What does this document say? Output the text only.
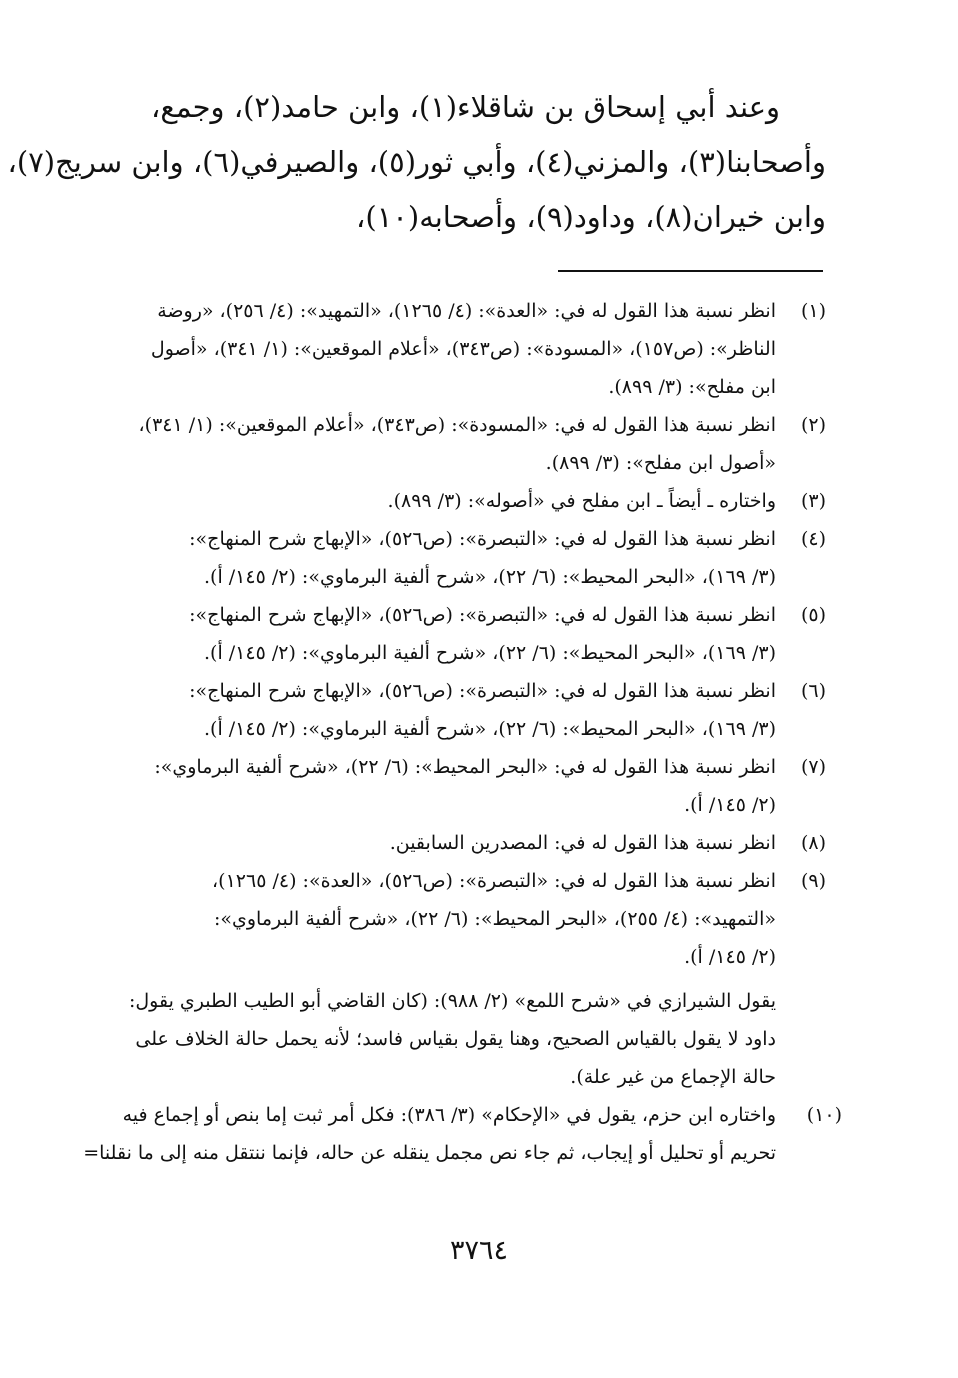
وعند أبي إسحاق بن شاقلاء(١)، وابن حامد(٢)، وجمع،
وأصحابنا(٣)، والمزني(٤)، وأبي ثور(٥)، والصيرفي(٦)، وابن سريج(٧)،
وابن خيران(٨)، وداود(٩)، وأصحابه(١٠)،

(١)
انظر نسبة هذا القول له في: «العدة»: (٤/ ١٢٦٥)، «التمهيد»: (٤/ ٢٥٦)، «روضة
الناظر»: (ص١٥٧)، «المسودة»: (ص٣٤٣)، «أعلام الموقعين»: (١/ ٣٤١)، «أصول
ابن مفلح»: (٣/ ٨٩٩).
(٢)
انظر نسبة هذا القول له في: «المسودة»: (ص٣٤٣)، «أعلام الموقعين»: (١/ ٣٤١)،
«أصول ابن مفلح»: (٣/ ٨٩٩).
(٣)
واختاره ـ أيضاً ـ ابن مفلح في «أصوله»: (٣/ ٨٩٩).
(٤)
انظر نسبة هذا القول له في: «التبصرة»: (ص٥٢٦)، «الإبهاج شرح المنهاج»:
(٣/ ١٦٩)، «البحر المحيط»: (٦/ ٢٢)، «شرح ألفية البرماوي»: (٢/ ١٤٥/ أ).
(٥)
انظر نسبة هذا القول له في: «التبصرة»: (ص٥٢٦)، «الإبهاج شرح المنهاج»:
(٣/ ١٦٩)، «البحر المحيط»: (٦/ ٢٢)، «شرح ألفية البرماوي»: (٢/ ١٤٥/ أ).
(٦)
انظر نسبة هذا القول له في: «التبصرة»: (ص٥٢٦)، «الإبهاج شرح المنهاج»:
(٣/ ١٦٩)، «البحر المحيط»: (٦/ ٢٢)، «شرح ألفية البرماوي»: (٢/ ١٤٥/ أ).
(٧)
انظر نسبة هذا القول له في: «البحر المحيط»: (٦/ ٢٢)، «شرح ألفية البرماوي»:
(٢/ ١٤٥/ أ).
(٨)
انظر نسبة هذا القول له في: المصدرين السابقين.
(٩)
انظر نسبة هذا القول له في: «التبصرة»: (ص٥٢٦)، «العدة»: (٤/ ١٢٦٥)،
«التمهيد»: (٤/ ٢٥٥)، «البحر المحيط»: (٦/ ٢٢)، «شرح ألفية البرماوي»:
(٢/ ١٤٥/ أ).
يقول الشيرازي في «شرح اللمع» (٢/ ٩٨٨): (كان القاضي أبو الطيب الطبري يقول:
داود لا يقول بالقياس الصحيح، وهنا يقول بقياس فاسد؛ لأنه يحمل حالة الخلاف على
حالة الإجماع من غير علة).
(١٠)
واختاره ابن حزم، يقول في «الإحكام» (٣/ ٣٨٦): فكل أمر ثبت إما بنص أو إجماع فيه
تحريم أو تحليل أو إيجاب، ثم جاء نص مجمل ينقله عن حاله، فإنما ننتقل منه إلى ما نقلنا=
٣٧٦٤
